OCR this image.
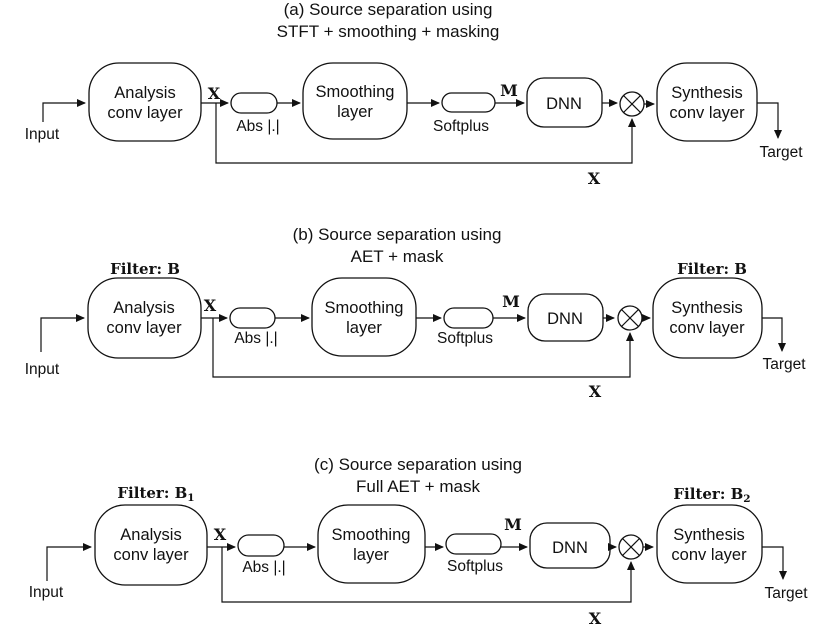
(a) Source separation using
STFT + smoothing + masking
Input
Analysis
conv layer
X
Abs |.|
Smoothing
layer
Softplus
M
DNN
Synthesis
conv layer
Target
X
(b) Source separation using
AET + mask
Filter: B
Input
Analysis
conv layer
X
Abs |.|
Smoothing
layer
Softplus
M
DNN
Filter: B
Synthesis
conv layer
Target
X
(c) Source separation using
Full AET + mask
Filter: $B_1$
Input
Analysis
conv layer
X
Abs |.|
Smoothing
layer
Softplus
M
DNN
Filter: $B_2$
Synthesis
conv layer
Target
X
